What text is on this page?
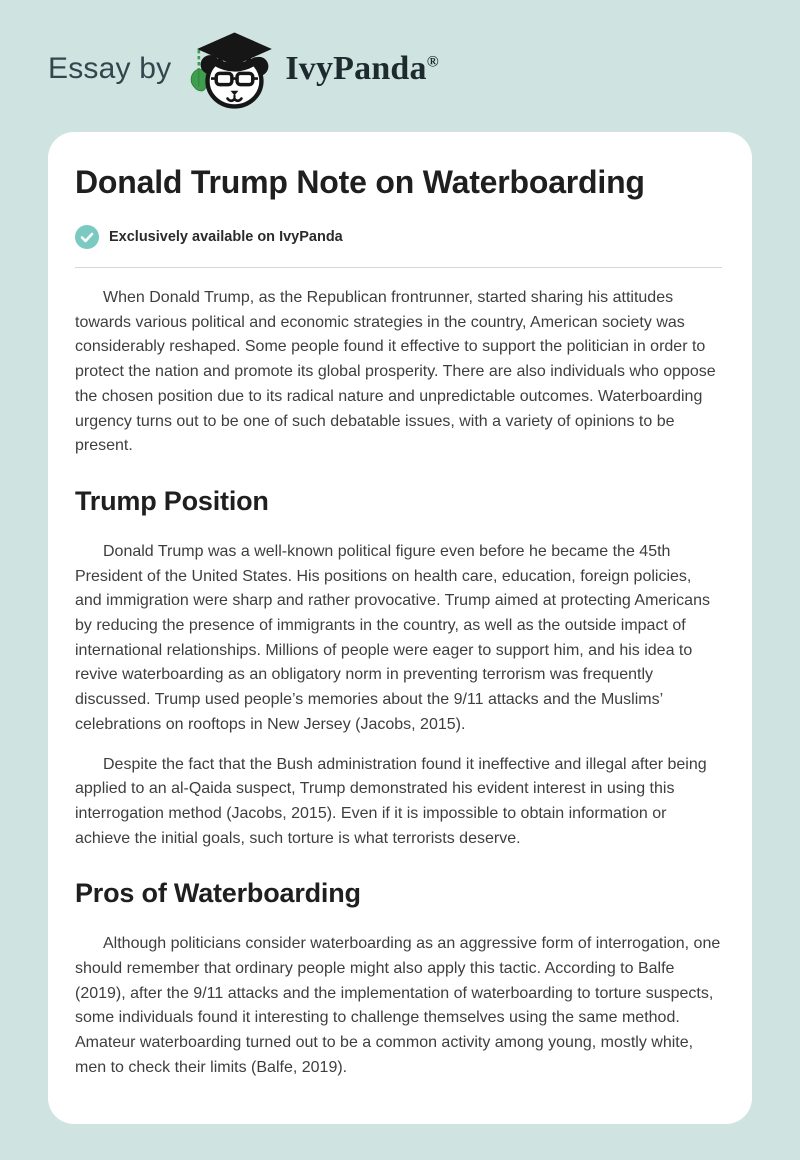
Essay by	IvyPanda®
Donald Trump Note on Waterboarding
Exclusively available on IvyPanda

When Donald Trump, as the Republican frontrunner, started sharing his attitudes towards various political and economic strategies in the country, American society was considerably reshaped. Some people found it effective to support the politician in order to protect the nation and promote its global prosperity. There are also individuals who oppose the chosen position due to its radical nature and unpredictable outcomes. Waterboarding urgency turns out to be one of such debatable issues, with a variety of opinions to be present.

Trump Position

Donald Trump was a well-known political figure even before he became the 45th President of the United States. His positions on health care, education, foreign policies, and immigration were sharp and rather provocative. Trump aimed at protecting Americans by reducing the presence of immigrants in the country, as well as the outside impact of international relationships. Millions of people were eager to support him, and his idea to revive waterboarding as an obligatory norm in preventing terrorism was frequently discussed. Trump used people’s memories about the 9/11 attacks and the Muslims’ celebrations on rooftops in New Jersey (Jacobs, 2015).

Despite the fact that the Bush administration found it ineffective and illegal after being applied to an al-Qaida suspect, Trump demonstrated his evident interest in using this interrogation method (Jacobs, 2015). Even if it is impossible to obtain information or achieve the initial goals, such torture is what terrorists deserve.

Pros of Waterboarding

Although politicians consider waterboarding as an aggressive form of interrogation, one should remember that ordinary people might also apply this tactic. According to Balfe (2019), after the 9/11 attacks and the implementation of waterboarding to torture suspects, some individuals found it interesting to challenge themselves using the same method. Amateur waterboarding turned out to be a common activity among young, mostly white, men to check their limits (Balfe, 2019).
